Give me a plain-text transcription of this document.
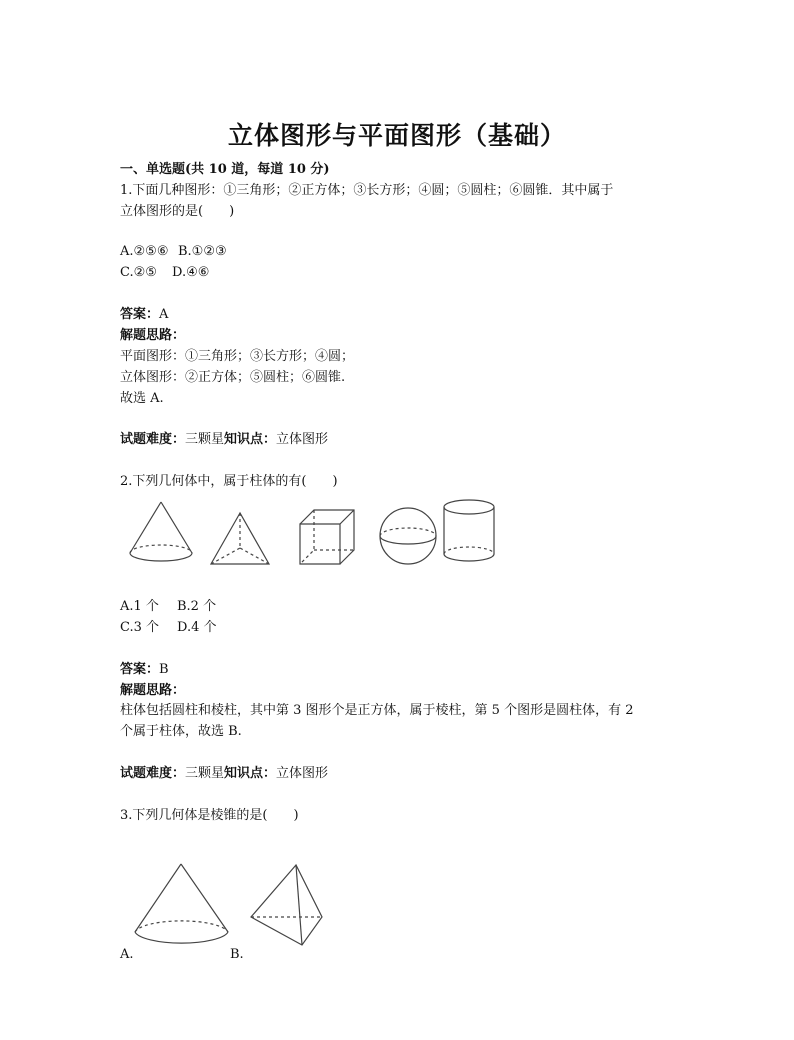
立体图形与平面图形（基础）
一、单选题(共 10 道，每道 10 分)
1.下面几种图形：①三角形；②正方体；③长方形；④圆；⑤圆柱；⑥圆锥．其中属于
立体图形的是(　　)
A.②⑤⑥ B.①②③
C.②⑤ D.④⑥
答案：A
解题思路：
平面图形：①三角形；③长方形；④圆；
立体图形：②正方体；⑤圆柱；⑥圆锥.
故选 A.
试题难度：三颗星知识点：立体图形
2.下列几何体中，属于柱体的有(　　)
A.1 个 B.2 个
C.3 个 D.4 个
答案：B
解题思路：
柱体包括圆柱和棱柱，其中第 3 图形个是正方体，属于棱柱，第 5 个图形是圆柱体，有 2
个属于柱体，故选 B.
试题难度：三颗星知识点：立体图形
3.下列几何体是棱锥的是(　　)
A.	B.
